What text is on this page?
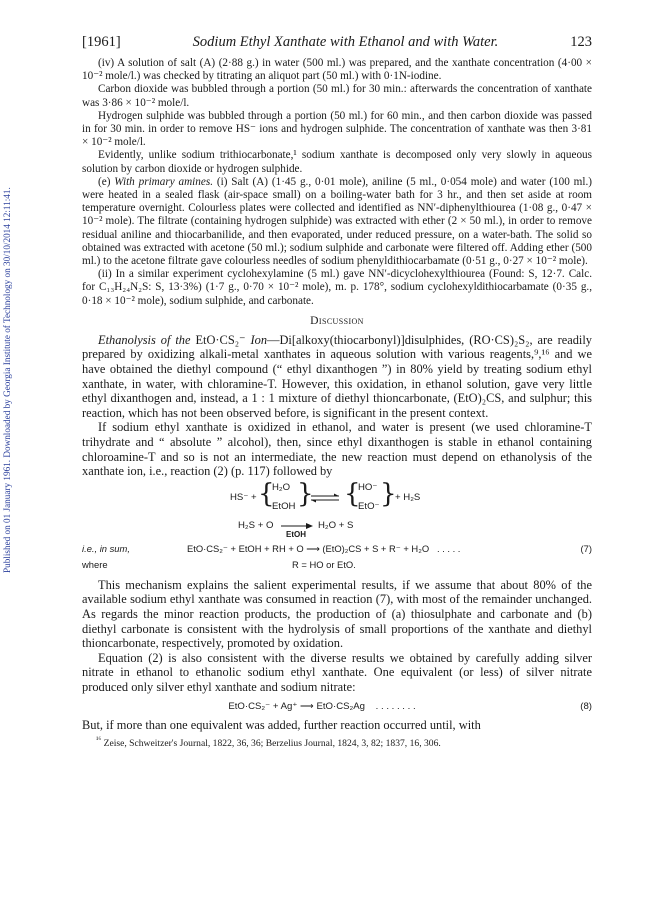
Published on 01 January 1961. Downloaded by Georgia Institute of Technology on 30/10/2014 12:11:41.
[1961]	Sodium Ethyl Xanthate with Ethanol and with Water.	123

(iv) A solution of salt (A) (2·88 g.) in water (500 ml.) was prepared, and the xanthate concentration (4·00 × 10⁻² mole/l.) was checked by titrating an aliquot part (50 ml.) with 0·1N-iodine.

Carbon dioxide was bubbled through a portion (50 ml.) for 30 min.: afterwards the concentration of xanthate was 3·86 × 10⁻² mole/l.

Hydrogen sulphide was bubbled through a portion (50 ml.) for 60 min., and then carbon dioxide was passed in for 30 min. in order to remove HS⁻ ions and hydrogen sulphide. The concentration of xanthate was then 3·81 × 10⁻² mole/l.

Evidently, unlike sodium trithiocarbonate,¹ sodium xanthate is decomposed only very slowly in aqueous solution by carbon dioxide or hydrogen sulphide.

(e) With primary amines. (i) Salt (A) (1·45 g., 0·01 mole), aniline (5 ml., 0·054 mole) and water (100 ml.) were heated in a sealed flask (air-space small) on a boiling-water bath for 3 hr., and then set aside at room temperature overnight. Colourless plates were collected and identified as NN′-diphenylthiourea (1·08 g., 0·47 × 10⁻² mole). The filtrate (containing hydrogen sulphide) was extracted with ether (2 × 50 ml.), in order to remove residual aniline and thiocarbanilide, and then evaporated, under reduced pressure, on a water-bath. The solid so obtained was extracted with acetone (50 ml.); sodium sulphide and carbonate were filtered off. Adding ether (500 ml.) to the acetone filtrate gave colourless needles of sodium phenyldithiocarbamate (0·51 g., 0·27 × 10⁻² mole).

(ii) In a similar experiment cyclohexylamine (5 ml.) gave NN′-dicyclohexylthiourea (Found: S, 12·7. Calc. for C₁₃H₂₄N₂S: S, 13·3%) (1·7 g., 0·70 × 10⁻² mole), m. p. 178°, sodium cyclohexyldithiocarbamate (0·35 g., 0·18 × 10⁻² mole), sodium sulphide, and carbonate.

Discussion

Ethanolysis of the EtO·CS₂⁻ Ion—Di[alkoxy(thiocarbonyl)]disulphides, (RO·CS)₂S₂, are readily prepared by oxidizing alkali-metal xanthates in aqueous solution with various reagents,⁹,¹⁶ and we have obtained the diethyl compound (“ ethyl dixanthogen ”) in 80% yield by treating sodium ethyl xanthate, in water, with chloramine-T. However, this oxidation, in ethanol solution, gave very little ethyl dixanthogen and, instead, a 1 : 1 mixture of diethyl thioncarbonate, (EtO)₂CS, and sulphur; this reaction, which has not been observed before, is significant in the present context.

If sodium ethyl xanthate is oxidized in ethanol, and water is present (we used chloramine-T trihydrate and “ absolute ” alcohol), then, since ethyl dixanthogen is stable in ethanol containing chloroamine-T and so is not an intermediate, the new reaction must depend on ethanolysis of the xanthate ion, i.e., reaction (2) (p. 117) followed by

HS⁻ + {
H₂O
EtOH } ⇌ {
HO⁻
EtO⁻ }
+ H₂S
H₂S + O →
EtOH
H₂O + S
i.e., in sum,	EtO·CS₂⁻ + EtOH + RH + O ⟶ (EtO)₂CS + S + R⁻ + H₂O . . . . .	(7)
where	R = HO or EtO.

This mechanism explains the salient experimental results, if we assume that about 80% of the available sodium ethyl xanthate was consumed in reaction (7), with most of the remainder unchanged. As regards the minor reaction products, the production of (a) thiosulphate and carbonate and (b) diethyl carbonate is consistent with the hydrolysis of small proportions of the xanthate and diethyl thioncarbonate, respectively, promoted by oxidation.

Equation (2) is also consistent with the diverse results we obtained by carefully adding silver nitrate in ethanol to ethanolic sodium ethyl xanthate. One equivalent (or less) of silver nitrate produced only silver ethyl xanthate and sodium nitrate:

EtO·CS₂⁻ + Ag⁺ ⟶ EtO·CS₂Ag . . . . . . . .	(8)

But, if more than one equivalent was added, further reaction occurred until, with

$^{^{16}}$ Zeise, Schweitzer's Journal, 1822, 36, 36; Berzelius Journal, 1824, 3, 82; 1837, 16, 306.
